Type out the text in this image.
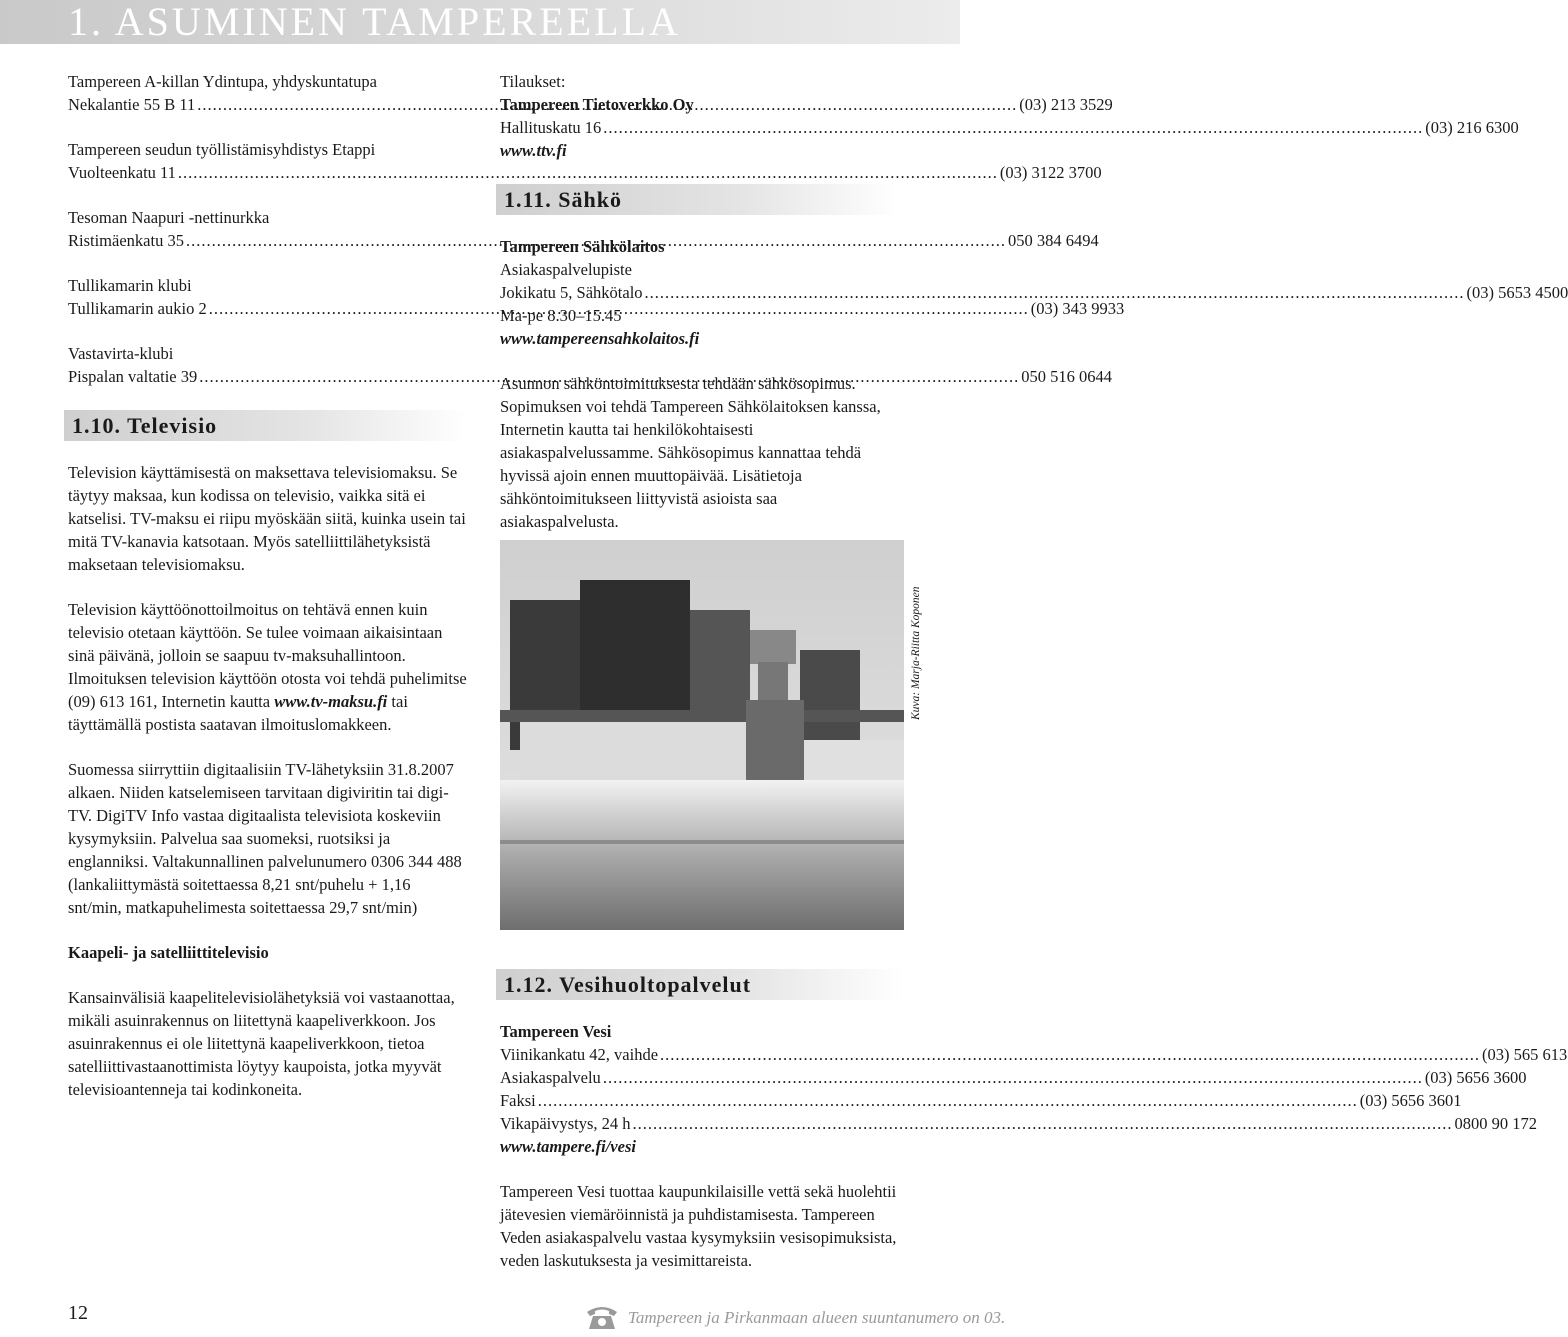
1. ASUMINEN TAMPEREELLA
Tampereen A-killan Ydintupa, yhdyskuntatupa
Nekalantie 55 B 11 .....	(03) 213 3529
Tampereen seudun työllistämisyhdistys Etappi
Vuolteenkatu 11 .....	(03) 3122 3700
Tesoman Naapuri -nettinurkka
Ristimäenkatu 35 .....	050 384 6494
Tullikamarin klubi
Tullikamarin aukio 2 .....	(03) 343 9933
Vastavirta-klubi
Pispalan valtatie 39 .....	050 516 0644
1.10. Televisio

Television käyttämisestä on maksettava televisiomaksu. Se täytyy maksaa, kun kodissa on televisio, vaikka sitä ei katselisi. TV-maksu ei riipu myöskään siitä, kuinka usein tai mitä TV-kanavia katsotaan. Myös satelliittilähetyksistä maksetaan televisiomaksu.

Television käyttöönottoilmoitus on tehtävä ennen kuin televisio otetaan käyttöön. Se tulee voimaan aikaisintaan sinä päivänä, jolloin se saapuu tv-maksuhallintoon. Ilmoituksen television käyttöön otosta voi tehdä puhelimitse (09) 613 161, Internetin kautta www.tv-maksu.fi tai täyttämällä postista saatavan ilmoituslomakkeen.

Suomessa siirryttiin digitaalisiin TV-lähetyksiin 31.8.2007 alkaen. Niiden katselemiseen tarvitaan digiviritin tai digi-TV. DigiTV Info vastaa digitaalista televisiota koskeviin kysymyksiin. Palvelua saa suomeksi, ruotsiksi ja englanniksi. Valtakunnallinen palvelunumero 0306 344 488 (lankaliittymästä soitettaessa 8,21 snt/puhelu + 1,16 snt/min, matkapuhelimesta soitettaessa 29,7 snt/min)

Kaapeli- ja satelliittitelevisio

Kansainvälisiä kaapelitelevisiolähetyksiä voi vastaanottaa, mikäli asuinrakennus on liitettynä kaapeliverkkoon. Jos asuinrakennus ei ole liitettynä kaapeliverkkoon, tietoa satelliittivastaanottimista löytyy kaupoista, jotka myyvät televisioantenneja tai kodinkoneita.

Tilaukset:
Tampereen Tietoverkko Oy
Hallituskatu 16 .....	(03) 216 6300
www.ttv.fi
1.11. Sähkö
Tampereen Sähkölaitos
Asiakaspalvelupiste
Jokikatu 5, Sähkötalo .....	(03) 5653 4500
Ma-pe 8.30–15.45
www.tampereensahkolaitos.fi

Asunnon sähköntoimituksesta tehdään sähkösopimus. Sopimuksen voi tehdä Tampereen Sähkölaitoksen kanssa, Internetin kautta tai henkilökohtaisesti asiakaspalvelussamme. Sähkösopimus kannattaa tehdä hyvissä ajoin ennen muuttopäivää. Lisätietoja sähköntoimitukseen liittyvistä asioista saa asiakaspalvelusta.

Kuva: Marja-Riitta Koponen
1.12. Vesihuoltopalvelut
Tampereen Vesi
Viinikankatu 42, vaihde .....	(03) 565 613
Asiakaspalvelu .....	(03) 5656 3600
Faksi .....	(03) 5656 3601
Vikapäivystys, 24 h .....	0800 90 172
www.tampere.fi/vesi

Tampereen Vesi tuottaa kaupunkilaisille vettä sekä huolehtii jätevesien viemäröinnistä ja puhdistamisesta. Tampereen Veden asiakaspalvelu vastaa kysymyksiin vesisopimuksista, veden laskutuksesta ja vesimittareista.

12	Tampereen ja Pirkanmaan alueen suuntanumero on 03.
